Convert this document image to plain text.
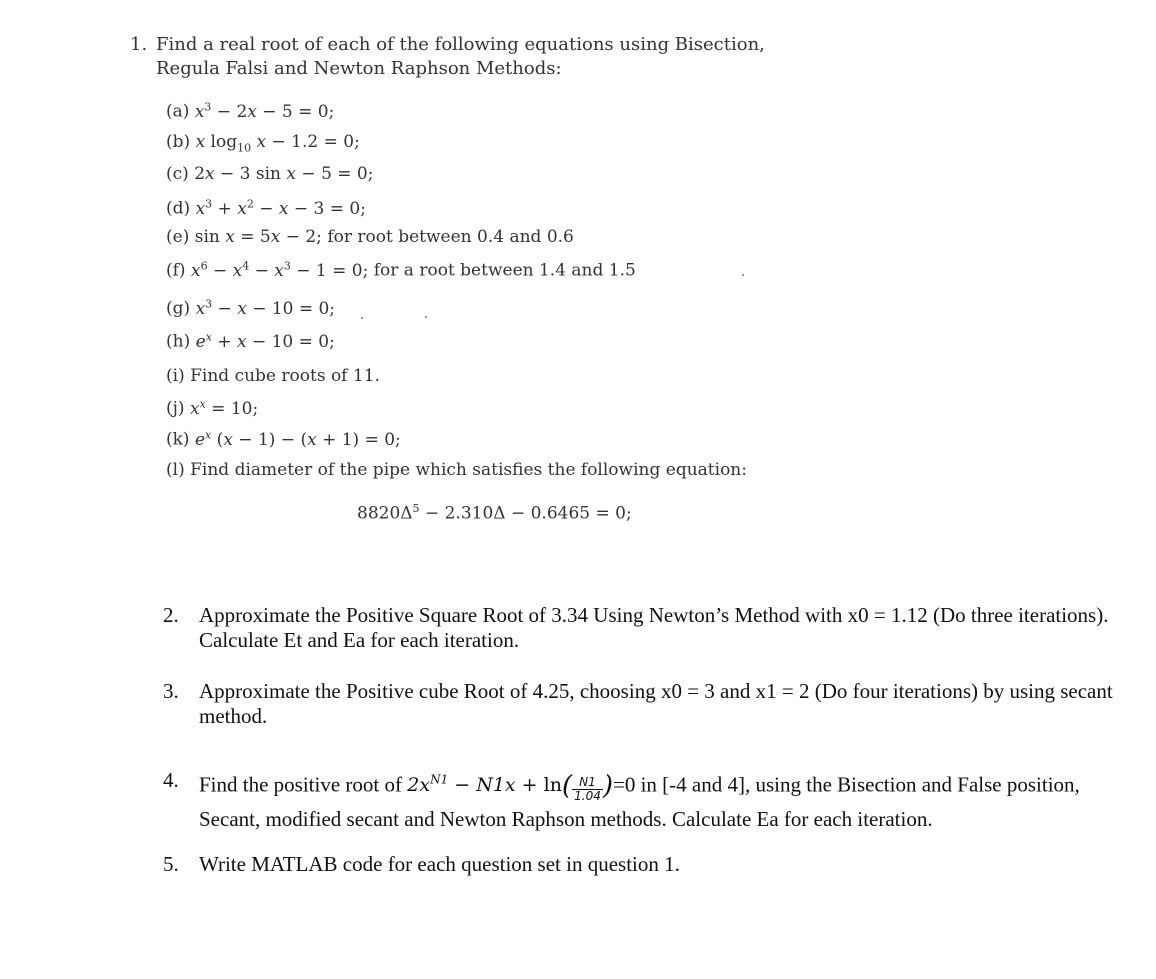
1. Find a real root of each of the following equations using Bisection, Regula Falsi and Newton Raphson Methods:
(a) $x^3 - 2x - 5 = 0$;
(b) x $\log_{10} x - 1.2 = 0$;
(c) 2x − 3 sin x − 5 = 0;
(d) $x^3 + x^2 - x - 3 = 0$;
(e) sin x = 5x − 2; for root between 0.4 and 0.6
(f) $x^6 - x^4 - x^3 - 1 = 0$; for a root between 1.4 and 1.5
(g) $x^3 - x - 10 = 0$;
(h) $e^x + x - 10 = 0$;
(i) Find cube roots of 11.
(j) $x^x = 10$;
(k) $e^x$ (x − 1) − (x + 1) = 0;
(l) Find diameter of the pipe which satisfies the following equation:
$8820\Delta^5 - 2.310\Delta - 0.6465 = 0$;
2. Approximate the Positive Square Root of 3.34 Using Newton’s Method with x0 = 1.12 (Do three iterations). Calculate Et and Ea for each iteration.
3. Approximate the Positive cube Root of 4.25, choosing x0 = 3 and x1 = 2 (Do four iterations) by using secant method.
4. Find the positive root of $2x^{N1} - N1x + \ln( \frac{N1}{1.04} )=0$ in [-4 and 4], using the Bisection and False position, Secant, modified secant and Newton Raphson methods. Calculate Ea for each iteration.
5. Write MATLAB code for each question set in question 1.
